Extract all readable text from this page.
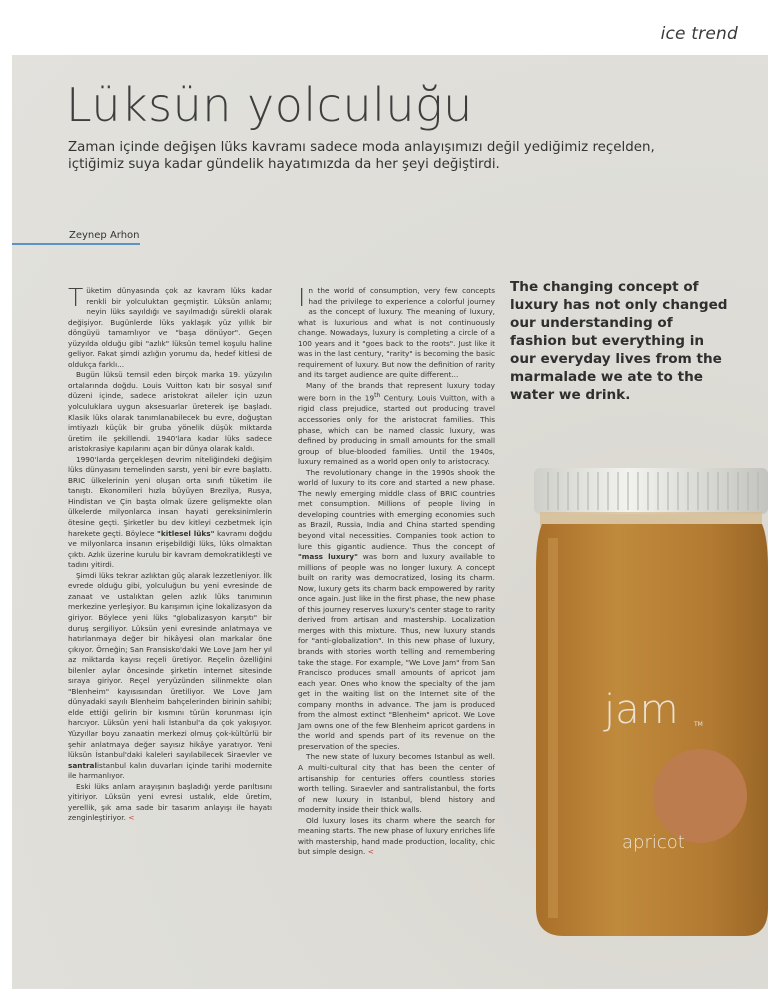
ice trend
Lüksün yolculuğu
Zaman içinde değişen lüks kavramı sadece moda anlayışımızı değil yediğimiz reçelden, içtiğimiz suya kadar gündelik hayatımızda da her şeyi değiştirdi.
Zeynep Arhon

Tüketim dünyasında çok az kavram lüks kadar renkli bir yolculuktan geçmiştir. Lüksün anlamı; neyin lüks sayıldığı ve sayılmadığı sürekli olarak değişiyor. Bugünlerde lüks yaklaşık yüz yıllık bir döngüyü tamamlıyor ve "başa dönüyor". Geçen yüzyılda olduğu gibi "azlık" lüksün temel koşulu haline geliyor. Fakat şimdi azlığın yorumu da, hedef kitlesi de oldukça farklı...

Bugün lüksü temsil eden birçok marka 19. yüzyılın ortalarında doğdu. Louis Vuitton katı bir sosyal sınıf düzeni içinde, sadece aristokrat aileler için uzun yolculuklara uygun aksesuarlar üreterek işe başladı. Klasik lüks olarak tanımlanabilecek bu evre, doğuştan imtiyazlı küçük bir gruba yönelik düşük miktarda üretim ile şekillendi. 1940'lara kadar lüks sadece aristokrasiye kapılarını açan bir dünya olarak kaldı.

1990'larda gerçekleşen devrim niteliğindeki değişim lüks dünyasını temelinden sarstı, yeni bir evre başlattı. BRIC ülkelerinin yeni oluşan orta sınıfı tüketim ile tanıştı. Ekonomileri hızla büyüyen Brezilya, Rusya, Hindistan ve Çin başta olmak üzere gelişmekte olan ülkelerde milyonlarca insan hayati gereksinimlerin ötesine geçti. Şirketler bu dev kitleyi cezbetmek için harekete geçti. Böylece "kitlesel lüks" kavramı doğdu ve milyonlarca insanın erişebildiği lüks, lüks olmaktan çıktı. Azlık üzerine kurulu bir kavram demokratikleşti ve tadını yitirdi.

Şimdi lüks tekrar azlıktan güç alarak lezzetleniyor. İlk evrede olduğu gibi, yolculuğun bu yeni evresinde de zanaat ve ustalıktan gelen azlık lüks tanımının merkezine yerleşiyor. Bu karışımın içine lokalizasyon da giriyor. Böylece yeni lüks "globalizasyon karşıtı" bir duruş sergiliyor. Lüksün yeni evresinde anlatmaya ve hatırlanmaya değer bir hikâyesi olan markalar öne çıkıyor. Örneğin; San Fransisko'daki We Love Jam her yıl az miktarda kayısı reçeli üretiyor. Reçelin özelliğini bilenler aylar öncesinde şirketin internet sitesinde sıraya giriyor. Reçel yeryüzünden silinmekte olan "Blenheim" kayısısından üretiliyor. We Love Jam dünyadaki sayılı Blenheim bahçelerinden birinin sahibi; elde ettiği gelirin bir kısmını türün korunması için harcıyor. Lüksün yeni hali İstanbul'a da çok yakışıyor. Yüzyıllar boyu zanaatin merkezi olmuş çok-kültürlü bir şehir anlatmaya değer sayısız hikâye yaratıyor. Yeni lüksün İstanbul'daki kaleleri sayılabilecek Siraevler ve santralistanbul kalın duvarları içinde tarihi modernite ile harmanlıyor.

Eski lüks anlam arayışının başladığı yerde parıltısını yitiriyor. Lüksün yeni evresi ustalık, elde üretim, yerellik, şık ama sade bir tasarım anlayışı ile hayatı zenginleştiriyor. <

In the world of consumption, very few concepts had the privilege to experience a colorful journey as the concept of luxury. The meaning of luxury, what is luxurious and what is not continuously change. Nowadays, luxury is completing a circle of a 100 years and it "goes back to the roots". Just like it was in the last century, "rarity" is becoming the basic requirement of luxury. But now the definition of rarity and its target audience are quite different...

Many of the brands that represent luxury today were born in the 19th Century. Louis Vuitton, with a rigid class prejudice, started out producing travel accessories only for the aristocrat families. This phase, which can be named classic luxury, was defined by producing in small amounts for the small group of blue-blooded families. Until the 1940s, luxury remained as a world open only to aristocracy.

The revolutionary change in the 1990s shook the world of luxury to its core and started a new phase. The newly emerging middle class of BRIC countries met consumption. Millions of people living in developing countries with emerging economies such as Brazil, Russia, India and China started spending beyond vital necessities. Companies took action to lure this gigantic audience. Thus the concept of "mass luxury" was born and luxury available to millions of people was no longer luxury. A concept built on rarity was democratized, losing its charm. Now, luxury gets its charm back empowered by rarity once again. Just like in the first phase, the new phase of this journey reserves luxury's center stage to rarity derived from artisan and mastership. Localization merges with this mixture. Thus, new luxury stands for "anti-globalization". In this new phase of luxury, brands with stories worth telling and remembering take the stage. For example, "We Love Jam" from San Francisco produces small amounts of apricot jam each year. Ones who know the specialty of the jam get in the waiting list on the Internet site of the company months in advance. The jam is produced from the almost extinct "Blenheim" apricot. We Love Jam owns one of the few Blenheim apricot gardens in the world and spends part of its revenue on the preservation of the species.

The new state of luxury becomes Istanbul as well. A multi-cultural city that has been the center of artisanship for centuries offers countless stories worth telling. Sıraevler and santralistanbul, the forts of new luxury in Istanbul, blend history and modernity inside their thick walls.

Old luxury loses its charm where the search for meaning starts. The new phase of luxury enriches life with mastership, hand made production, locality, chic but simple design. <

The changing concept of luxury has not only changed our understanding of fashion but everything in our everyday lives from the marmalade we ate to the water we drink.
jam	TM
apricot
